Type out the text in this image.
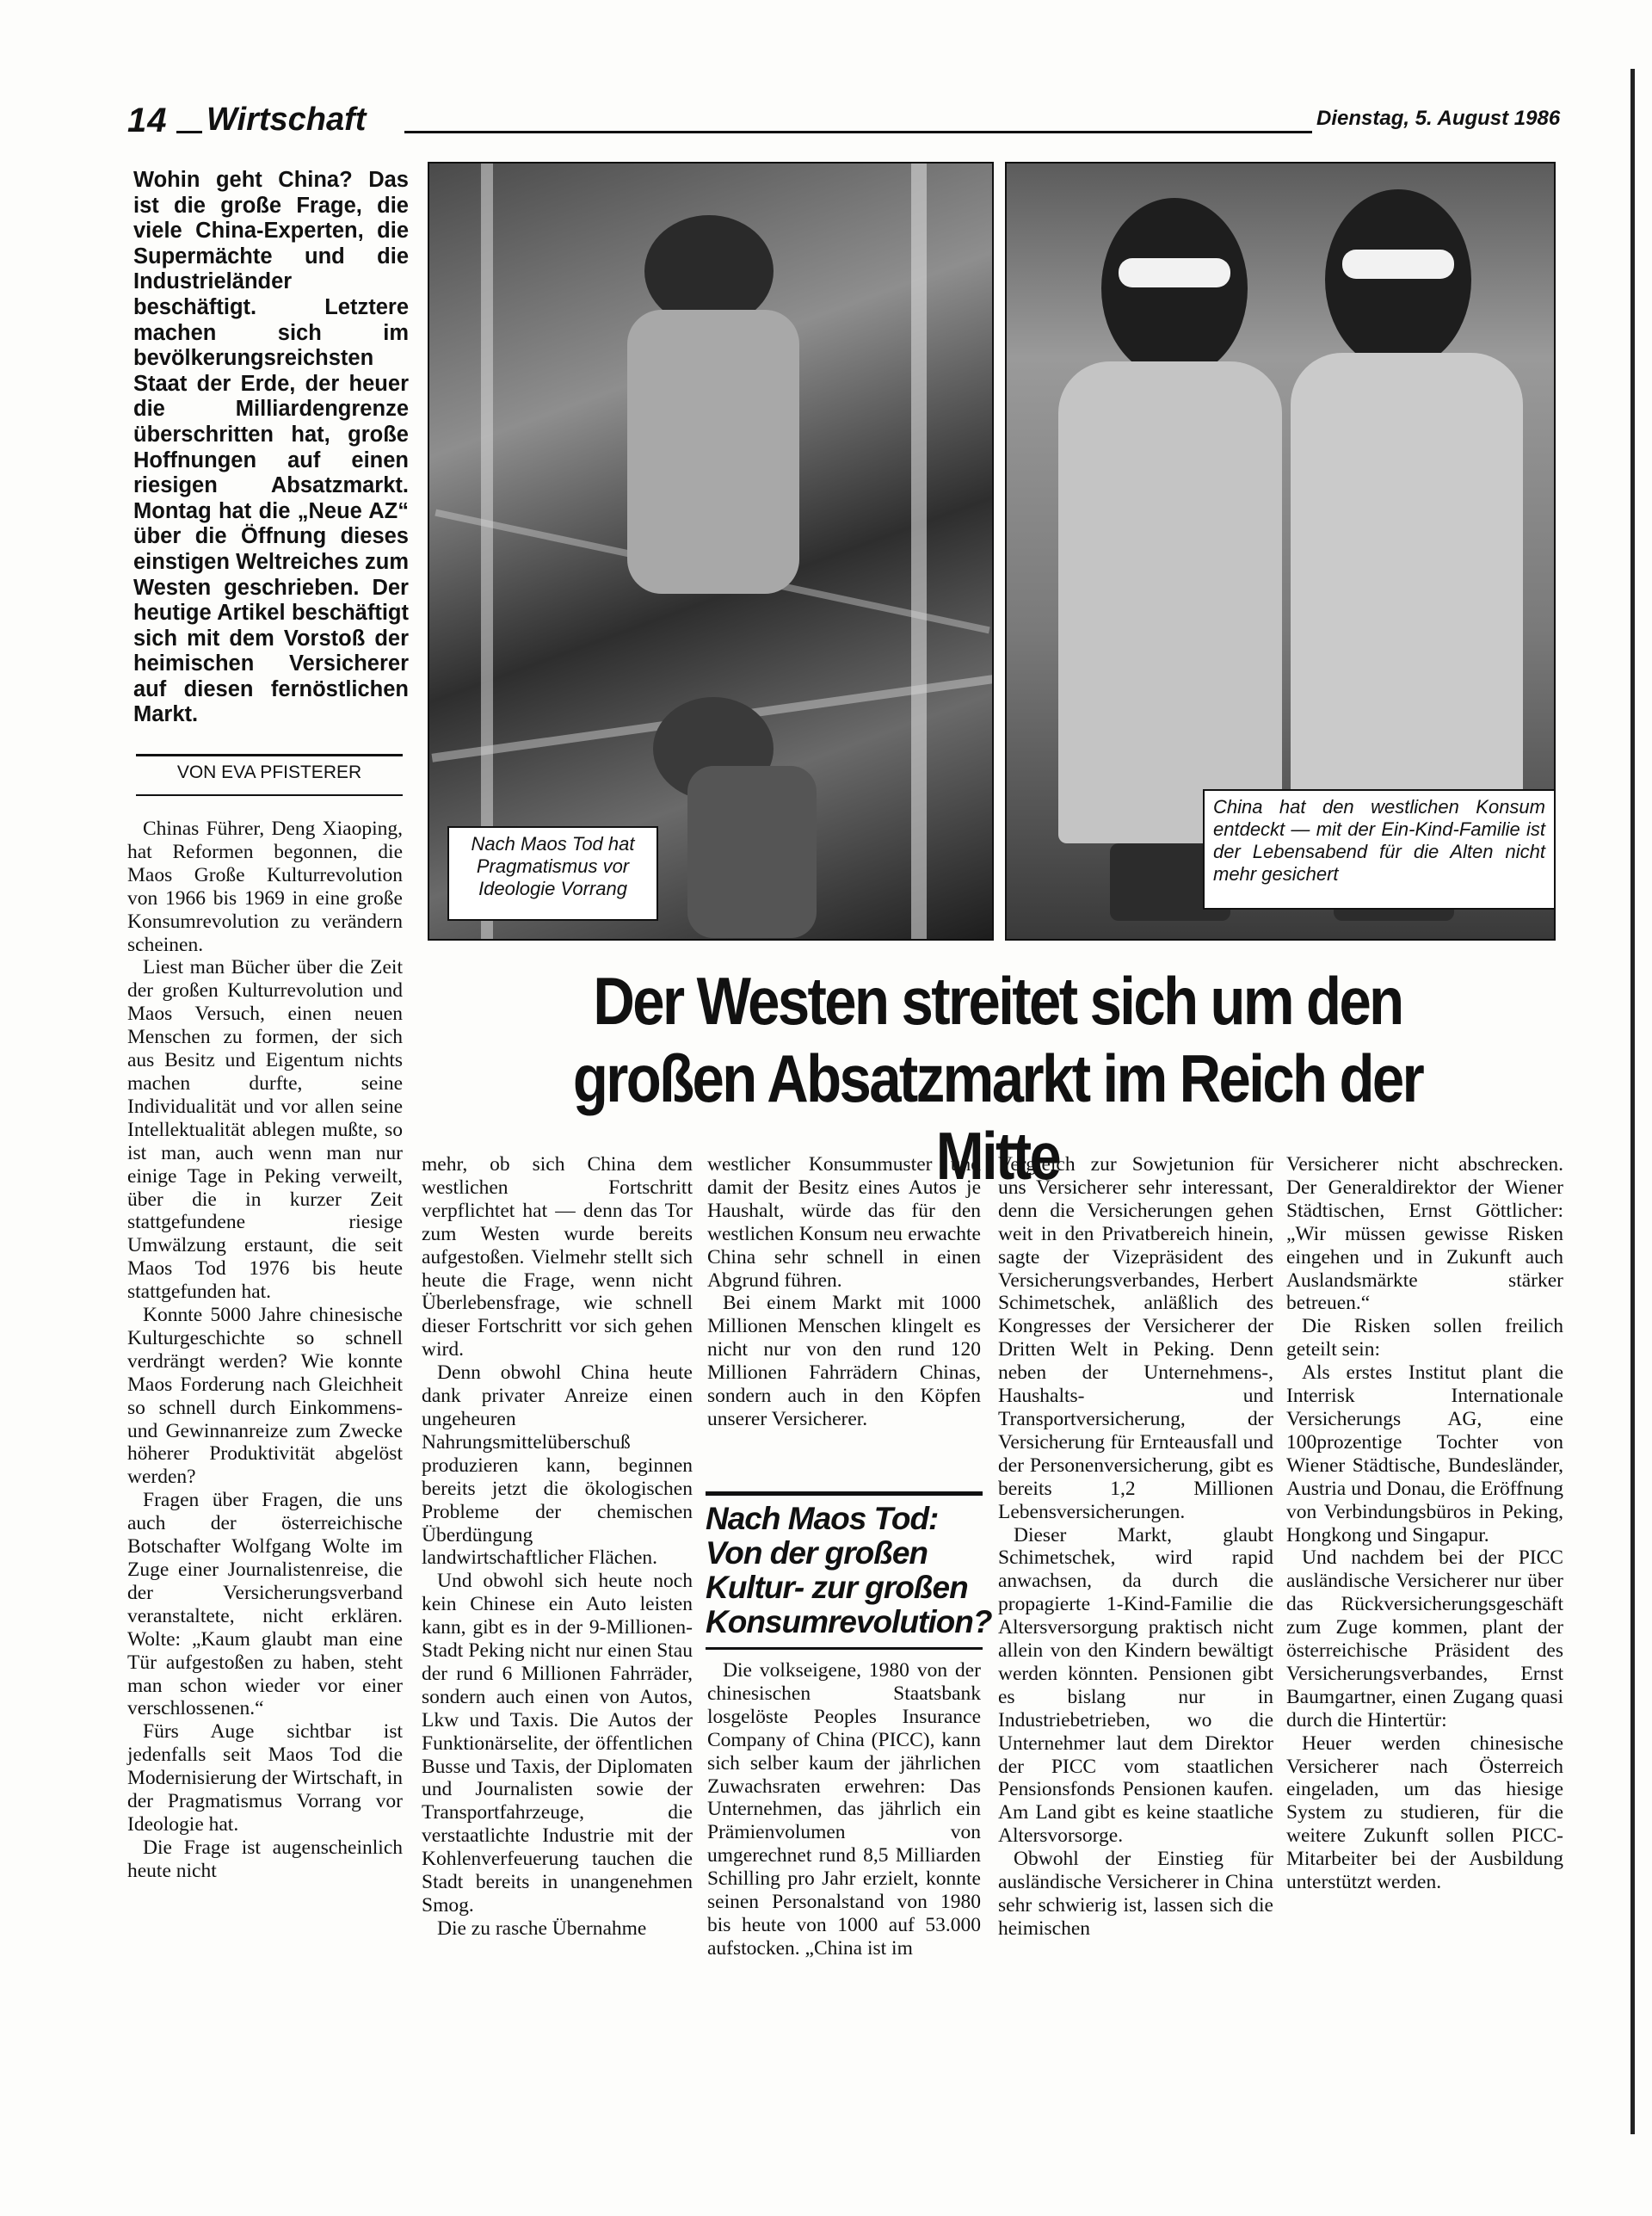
14 Wirtschaft	Dienstag, 5. August 1986
Wohin geht China? Das ist die große Frage, die viele China-Experten, die Supermächte und die Industrieländer beschäftigt. Letztere machen sich im bevölkerungsreichsten Staat der Erde, der heuer die Milliardengrenze überschritten hat, große Hoffnungen auf einen riesigen Absatzmarkt. Montag hat die „Neue AZ“ über die Öffnung dieses einstigen Weltreiches zum Westen geschrieben. Der heutige Artikel beschäftigt sich mit dem Vorstoß der heimischen Versicherer auf diesen fernöstlichen Markt.
VON EVA PFISTERER
Nach Maos Tod hat Pragmatismus vor Ideologie Vorrang
China hat den westlichen Konsum entdeckt — mit der Ein-Kind-Familie ist der Lebensabend für die Alten nicht mehr gesichert
Der Westen streitet sich um den
großen Absatzmarkt im Reich der Mitte

Chinas Führer, Deng Xiaoping, hat Reformen begonnen, die Maos Große Kulturrevolution von 1966 bis 1969 in eine große Konsumrevolution zu verändern scheinen.

Liest man Bücher über die Zeit der großen Kulturrevolution und Maos Versuch, einen neuen Menschen zu formen, der sich aus Besitz und Eigentum nichts machen durfte, seine Individualität und vor allen seine Intellektualität ablegen mußte, so ist man, auch wenn man nur einige Tage in Peking verweilt, über die in kurzer Zeit stattgefundene riesige Umwälzung erstaunt, die seit Maos Tod 1976 bis heute stattgefunden hat.

Konnte 5000 Jahre chinesische Kulturgeschichte so schnell verdrängt werden? Wie konnte Maos Forderung nach Gleichheit so schnell durch Einkommens- und Gewinnanreize zum Zwecke höherer Produktivität abgelöst werden?

Fragen über Fragen, die uns auch der österreichische Botschafter Wolfgang Wolte im Zuge einer Journalistenreise, die der Versicherungsverband veranstaltete, nicht erklären. Wolte: „Kaum glaubt man eine Tür aufgestoßen zu haben, steht man schon wieder vor einer verschlossenen.“

Fürs Auge sichtbar ist jedenfalls seit Maos Tod die Modernisierung der Wirtschaft, in der Pragmatismus Vorrang vor Ideologie hat.

Die Frage ist augenscheinlich heute nicht

mehr, ob sich China dem westlichen Fortschritt verpflichtet hat — denn das Tor zum Westen wurde bereits aufgestoßen. Vielmehr stellt sich heute die Frage, wenn nicht Überlebensfrage, wie schnell dieser Fortschritt vor sich gehen wird.

Denn obwohl China heute dank privater Anreize einen ungeheuren Nahrungsmittelüberschuß produzieren kann, beginnen bereits jetzt die ökologischen Probleme der chemischen Überdüngung landwirtschaftlicher Flächen.

Und obwohl sich heute noch kein Chinese ein Auto leisten kann, gibt es in der 9-Millionen-Stadt Peking nicht nur einen Stau der rund 6 Millionen Fahrräder, sondern auch einen von Autos, Lkw und Taxis. Die Autos der Funktionärselite, der öffentlichen Busse und Taxis, der Diplomaten und Journalisten sowie der Transportfahrzeuge, die verstaatlichte Industrie mit der Kohlenverfeuerung tauchen die Stadt bereits in unangenehmen Smog.

Die zu rasche Übernahme

westlicher Konsummuster und damit der Besitz eines Autos je Haushalt, würde das für den westlichen Konsum neu erwachte China sehr schnell in einen Abgrund führen.

Bei einem Markt mit 1000 Millionen Menschen klingelt es nicht nur von den rund 120 Millionen Fahrrädern Chinas, sondern auch in den Köpfen unserer Versicherer.

Nach Maos Tod: Von der großen Kultur- zur großen Konsumrevolution?

Die volkseigene, 1980 von der chinesischen Staatsbank losgelöste Peoples Insurance Company of China (PICC), kann sich selber kaum der jährlichen Zuwachsraten erwehren: Das Unternehmen, das jährlich ein Prämienvolumen von umgerechnet rund 8,5 Milliarden Schilling pro Jahr erzielt, konnte seinen Personalstand von 1980 bis heute von 1000 auf 53.000 aufstocken. „China ist im

Vergleich zur Sowjetunion für uns Versicherer sehr interessant, denn die Versicherungen gehen weit in den Privatbereich hinein, sagte der Vizepräsident des Versicherungsverbandes, Herbert Schimetschek, anläßlich des Kongresses der Versicherer der Dritten Welt in Peking. Denn neben der Unternehmens-, Haushalts- und Transportversicherung, der Versicherung für Ernteausfall und der Personenversicherung, gibt es bereits 1,2 Millionen Lebensversicherungen.

Dieser Markt, glaubt Schimetschek, wird rapid anwachsen, da durch die propagierte 1-Kind-Familie die Altersversorgung praktisch nicht allein von den Kindern bewältigt werden könnten. Pensionen gibt es bislang nur in Industriebetrieben, wo die Unternehmer laut dem Direktor der PICC vom staatlichen Pensionsfonds Pensionen kaufen. Am Land gibt es keine staatliche Altersvorsorge.

Obwohl der Einstieg für ausländische Versicherer in China sehr schwierig ist, lassen sich die heimischen

Versicherer nicht abschrecken. Der Generaldirektor der Wiener Städtischen, Ernst Göttlicher: „Wir müssen gewisse Risken eingehen und in Zukunft auch Auslandsmärkte stärker betreuen.“

Die Risken sollen freilich geteilt sein:

Als erstes Institut plant die Interrisk Internationale Versicherungs AG, eine 100prozentige Tochter von Wiener Städtische, Bundesländer, Austria und Donau, die Eröffnung von Verbindungsbüros in Peking, Hongkong und Singapur.

Und nachdem bei der PICC ausländische Versicherer nur über das Rückversicherungsgeschäft zum Zuge kommen, plant der österreichische Präsident des Versicherungsverbandes, Ernst Baumgartner, einen Zugang quasi durch die Hintertür:

Heuer werden chinesische Versicherer nach Österreich eingeladen, um das hiesige System zu studieren, für die weitere Zukunft sollen PICC-Mitarbeiter bei der Ausbildung unterstützt werden.
